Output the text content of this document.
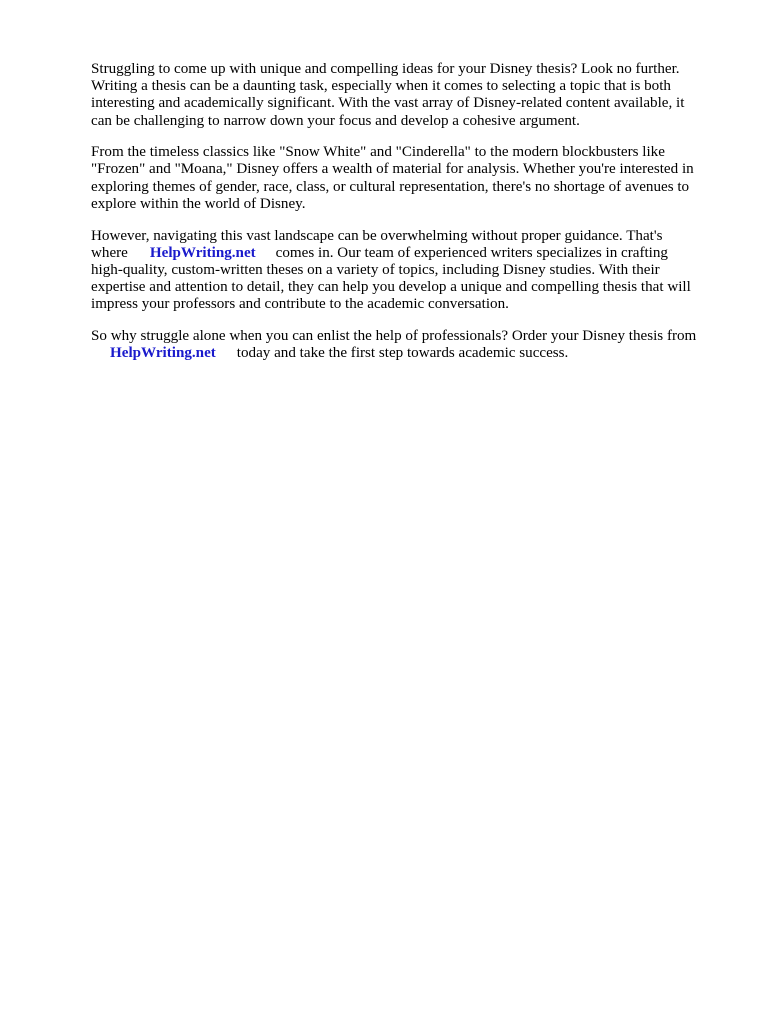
Struggling to come up with unique and compelling ideas for your Disney thesis? Look no further.
Writing a thesis can be a daunting task, especially when it comes to selecting a topic that is both
interesting and academically significant. With the vast array of Disney-related content available, it
can be challenging to narrow down your focus and develop a cohesive argument.
From the timeless classics like "Snow White" and "Cinderella" to the modern blockbusters like
"Frozen" and "Moana," Disney offers a wealth of material for analysis. Whether you're interested in
exploring themes of gender, race, class, or cultural representation, there's no shortage of avenues to
explore within the world of Disney.
However, navigating this vast landscape can be overwhelming without proper guidance. That's
where HelpWriting.net comes in. Our team of experienced writers specializes in crafting
high-quality, custom-written theses on a variety of topics, including Disney studies. With their
expertise and attention to detail, they can help you develop a unique and compelling thesis that will
impress your professors and contribute to the academic conversation.
So why struggle alone when you can enlist the help of professionals? Order your Disney thesis from
HelpWriting.net today and take the first step towards academic success.
